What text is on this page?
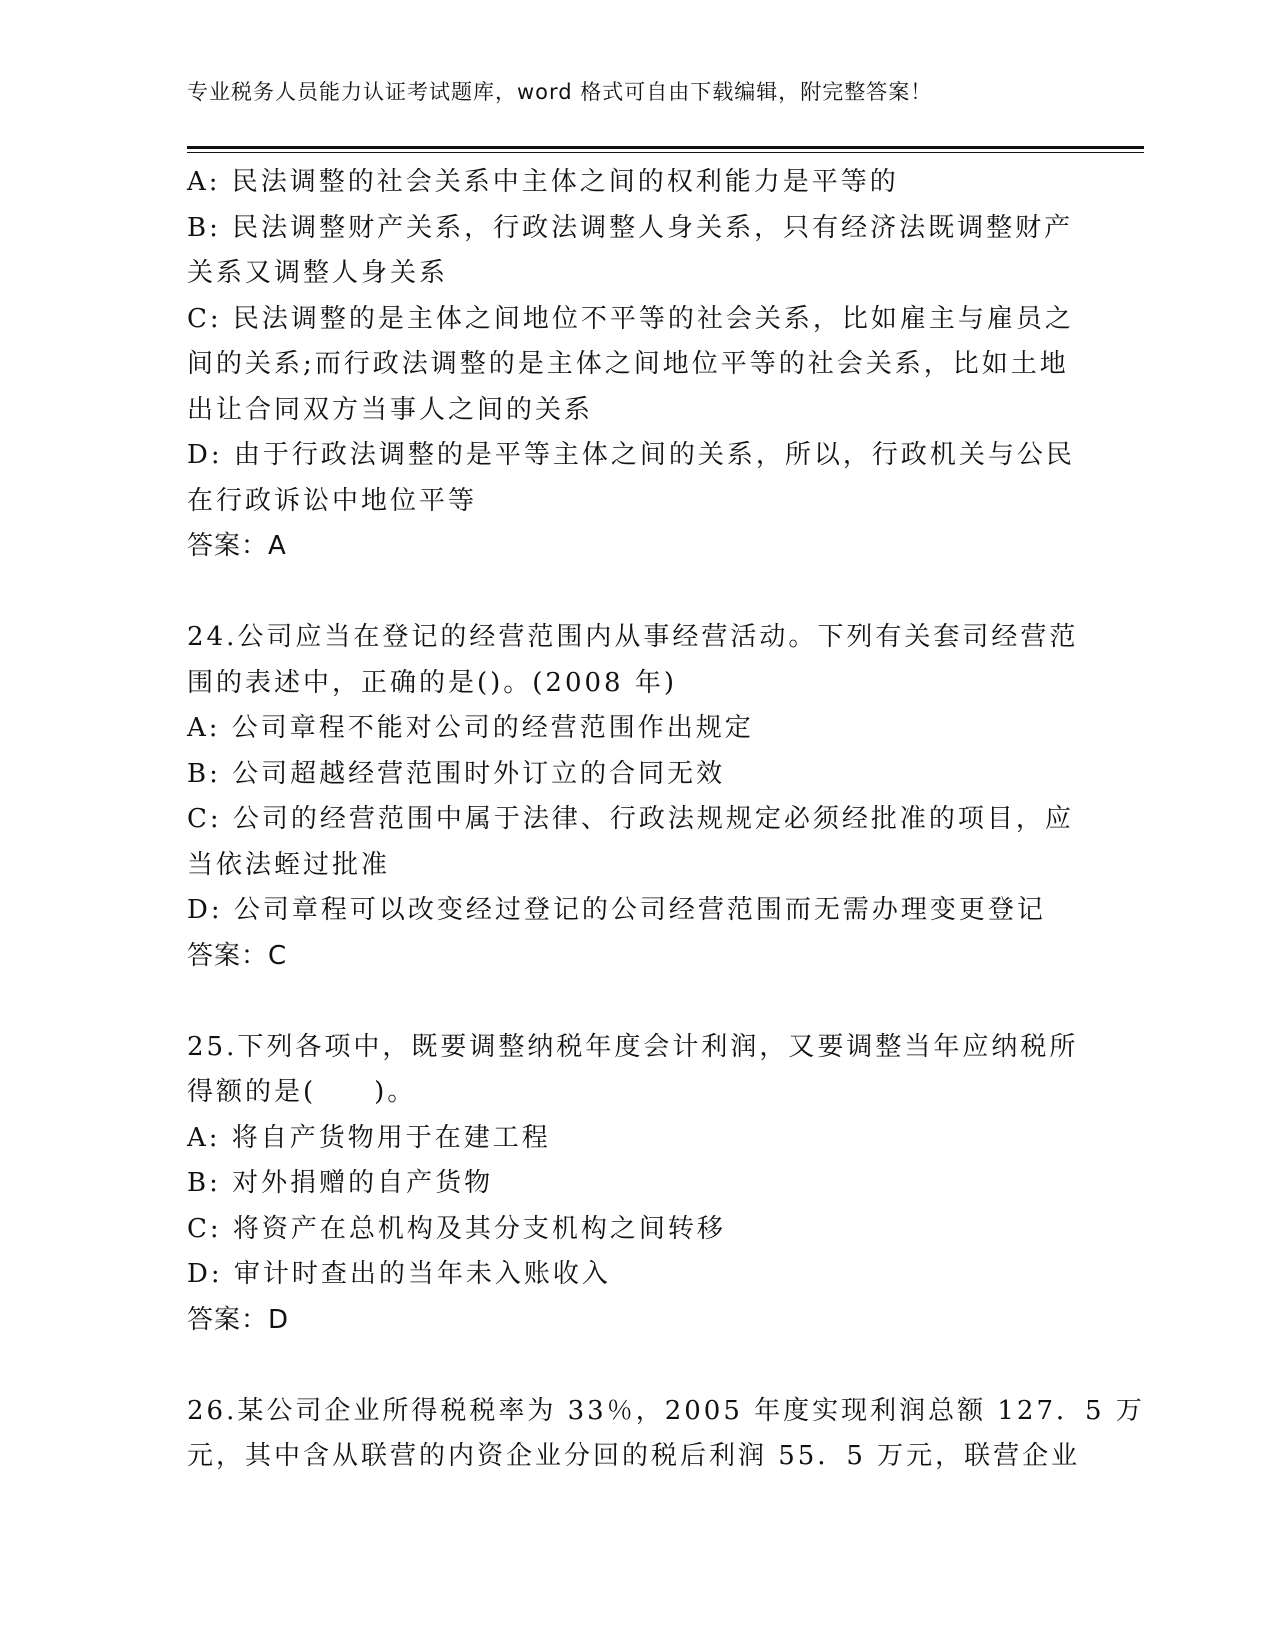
专业税务人员能力认证考试题库，word 格式可自由下载编辑，附完整答案！
A: 民法调整的社会关系中主体之间的权利能力是平等的
B: 民法调整财产关系，行政法调整人身关系，只有经济法既调整财产
关系又调整人身关系
C: 民法调整的是主体之间地位不平等的社会关系，比如雇主与雇员之
间的关系;而行政法调整的是主体之间地位平等的社会关系，比如土地
出让合同双方当事人之间的关系
D: 由于行政法调整的是平等主体之间的关系，所以，行政机关与公民
在行政诉讼中地位平等
答案：A
24.公司应当在登记的经营范围内从事经营活动。下列有关套司经营范
围的表述中，正确的是()。(2008 年)
A: 公司章程不能对公司的经营范围作出规定
B: 公司超越经营范围时外订立的合同无效
C: 公司的经营范围中属于法律、行政法规规定必须经批准的项目，应
当依法蛭过批准
D: 公司章程可以改变经过登记的公司经营范围而无需办理变更登记
答案：C
25.下列各项中，既要调整纳税年度会计利润，又要调整当年应纳税所
得额的是(　　)。
A: 将自产货物用于在建工程
B: 对外捐赠的自产货物
C: 将资产在总机构及其分支机构之间转移
D: 审计时查出的当年未入账收入
答案：D
26.某公司企业所得税税率为 33％，2005 年度实现利润总额 127．5 万
元，其中含从联营的内资企业分回的税后利润 55．5 万元，联营企业
